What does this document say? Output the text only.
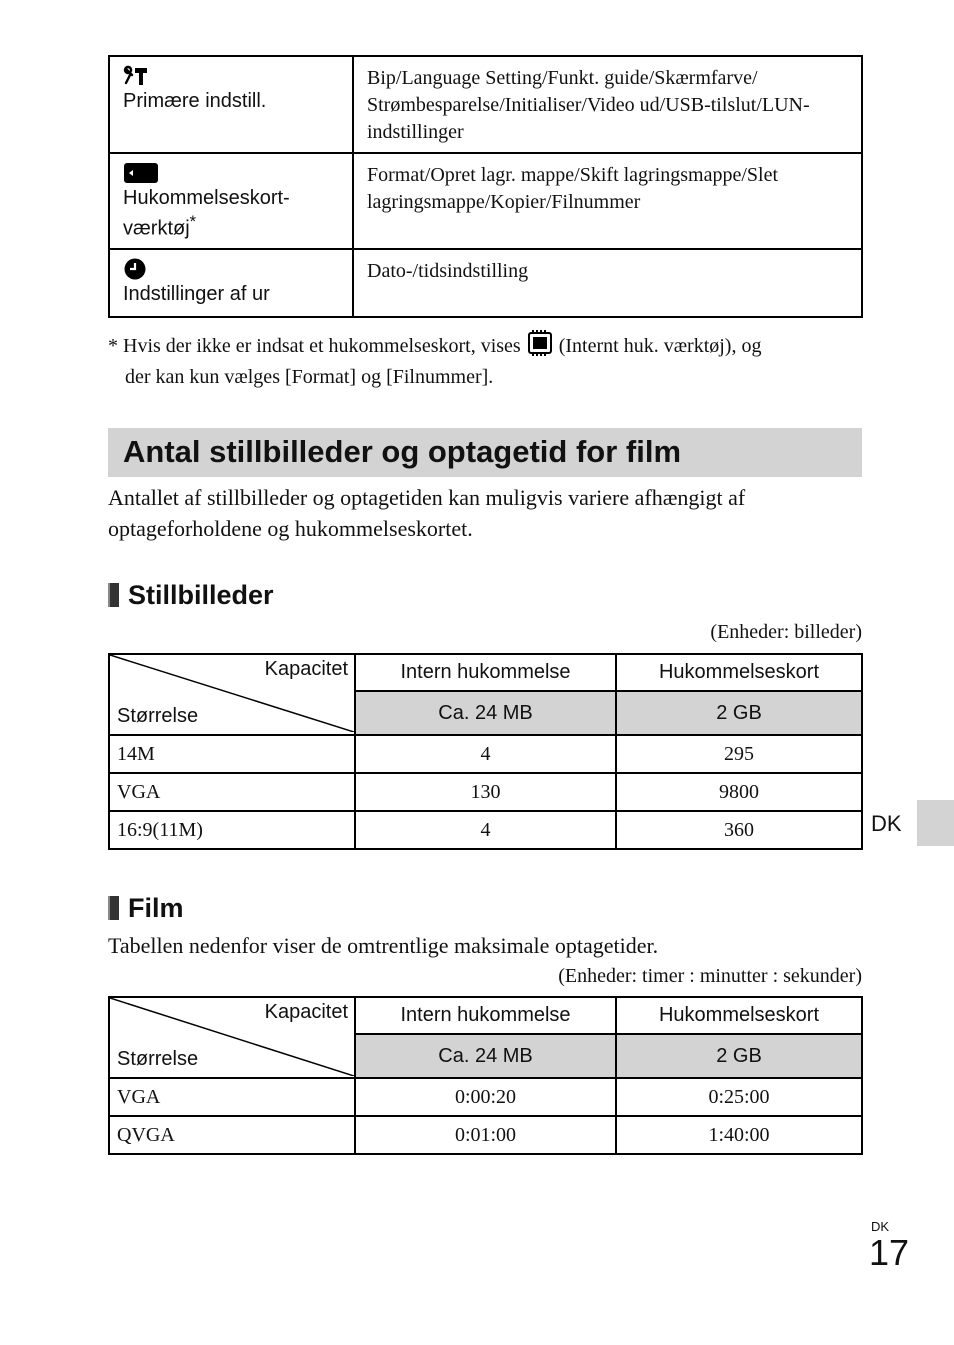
Primære indstill.	Bip/Language Setting/Funkt. guide/Skærmfarve/ Strømbesparelse/Initialiser/Video ud/USB-tilslut/LUN-indstillinger

Hukommelseskort-værktøj*	Format/Opret lagr. mappe/Skift lagringsmappe/Slet lagringsmappe/Kopier/Filnummer

Indstillinger af ur	Dato-/tidsindstilling
* Hvis der ikke er indsat et hukommelseskort, vises (Internt huk. værktøj), og
der kan kun vælges [Format] og [Filnummer].
Antal stillbilleder og optagetid for film
Antallet af stillbilleder og optagetiden kan muligvis variere afhængigt af optageforholdene og hukommelseskortet.
Stillbilleder
(Enheder: billeder)
Kapacitet
Størrelse	Intern hukommelse	Hukommelseskort
	Ca. 24 MB	2 GB
14M	4	295
VGA	130	9800
16:9(11M)	4	360
Film
Tabellen nedenfor viser de omtrentlige maksimale optagetider.
(Enheder: timer : minutter : sekunder)
Kapacitet
Størrelse	Intern hukommelse	Hukommelseskort
	Ca. 24 MB	2 GB
VGA	0:00:20	0:25:00
QVGA	0:01:00	1:40:00
DK
DK
17
